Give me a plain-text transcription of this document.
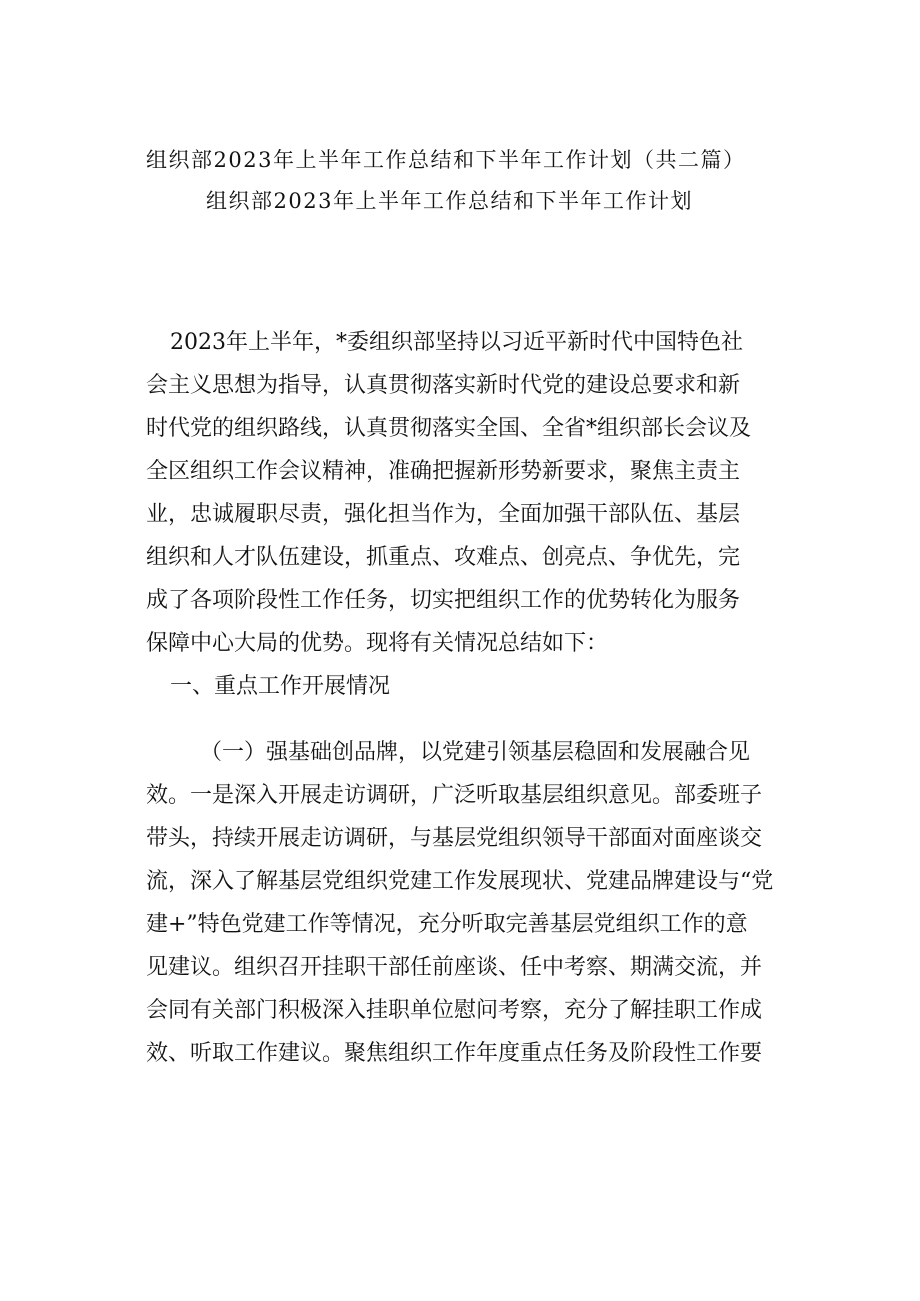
组织部2023年上半年工作总结和下半年工作计划（共二篇）
组织部2023年上半年工作总结和下半年工作计划
2023年上半年，*委组织部坚持以习近平新时代中国特色社
会主义思想为指导，认真贯彻落实新时代党的建设总要求和新
时代党的组织路线，认真贯彻落实全国、全省*组织部长会议及
全区组织工作会议精神，准确把握新形势新要求，聚焦主责主
业，忠诚履职尽责，强化担当作为，全面加强干部队伍、基层
组织和人才队伍建设，抓重点、攻难点、创亮点、争优先，完
成了各项阶段性工作任务，切实把组织工作的优势转化为服务
保障中心大局的优势。现将有关情况总结如下：
一、重点工作开展情况
（一）强基础创品牌，以党建引领基层稳固和发展融合见
效。一是深入开展走访调研，广泛听取基层组织意见。部委班子
带头，持续开展走访调研，与基层党组织领导干部面对面座谈交
流，深入了解基层党组织党建工作发展现状、党建品牌建设与“党
建+”特色党建工作等情况，充分听取完善基层党组织工作的意
见建议。组织召开挂职干部任前座谈、任中考察、期满交流，并
会同有关部门积极深入挂职单位慰问考察，充分了解挂职工作成
效、听取工作建议。聚焦组织工作年度重点任务及阶段性工作要
